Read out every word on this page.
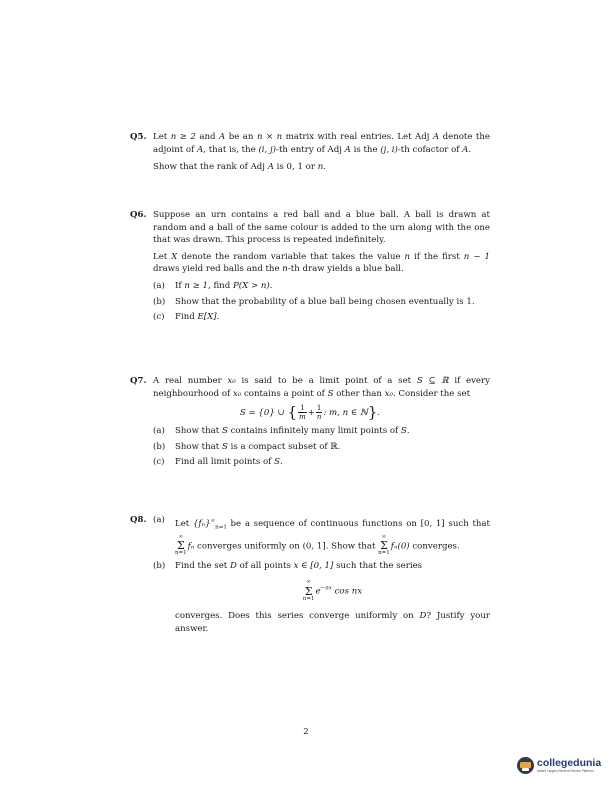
Q5. Let n ≥ 2 and A be an n × n matrix with real entries. Let Adj A denote the adjoint of A, that is, the (i, j)-th entry of Adj A is the (j, i)-th cofactor of A.
Show that the rank of Adj A is 0, 1 or n.
Q6. Suppose an urn contains a red ball and a blue ball. A ball is drawn at random and a ball of the same colour is added to the urn along with the one that was drawn. This process is repeated indefinitely.
Let X denote the random variable that takes the value n if the first n − 1 draws yield red balls and the n-th draw yields a blue ball.
(a)	If n ≥ 1, find P(X > n).
(b)	Show that the probability of a blue ball being chosen eventually is 1.
(c)	Find E[X].
Q7. A real number x₀ is said to be a limit point of a set S ⊆ ℝ if every neighbourhood of x₀ contains a point of S other than x₀. Consider the set
S = {0} ∪ { $\frac{1}{m} + \frac{1}{n}$ : m, n ∈ ℕ}.
(a)	Show that S contains infinitely many limit points of S.
(b)	Show that S is a compact subset of ℝ.
(c)	Find all limit points of S.
Q8. (a)	Let $\{f_n\}^\infty_{n=1}$ be a sequence of continuous functions on [0, 1] such that ∞
Σ
n=1fₙ converges uniformly on (0, 1]. Show that ∞
Σ
n=1fₙ(0) converges.
(b)	Find the set D of all points x ∈ [0, 1] such that the series
∞
Σ
$n=1e^{-nx}$ cos nx
converges. Does this series converge uniformly on D? Justify your answer.
2
collegedunia
India's Largest Student Review Platform
